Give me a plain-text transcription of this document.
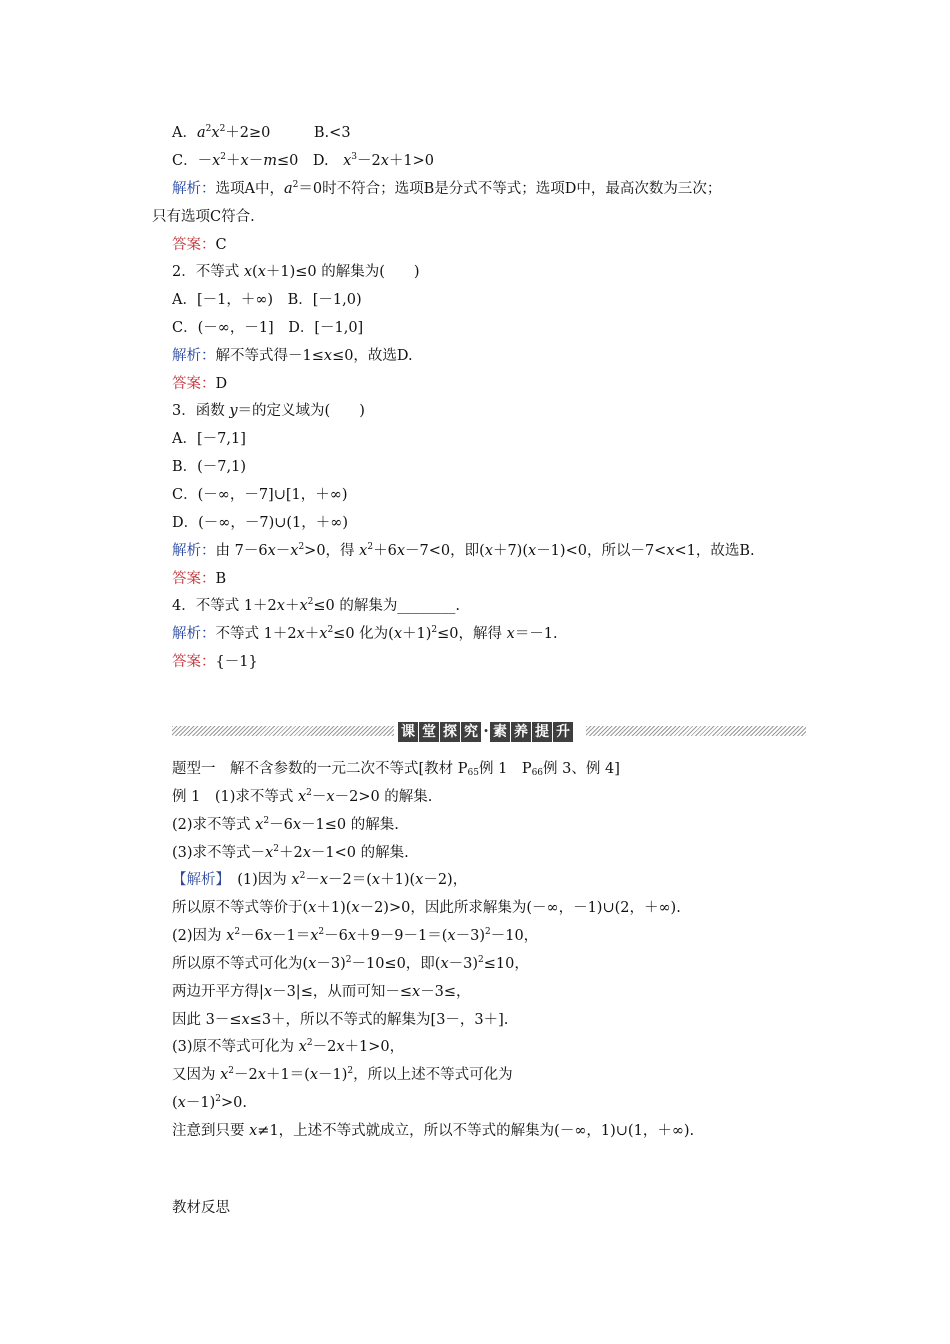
A．$a^2x^2+2\ge 0$　　　	B.<3
C．$-x^2+x-m\le 0$　 D.　 $x^3-2x+1>0$
解析：选项A中，$a^2=0$时不符合；选项B是分式不等式；选项D中，最高次数为三次；
只有选项C符合.
答案：C
2．不等式 x(x＋1)≤0 的解集为(　　)
A．[－1，＋∞)　B．[－1,0)
C．(－∞，－1]　D．[－1,0]
解析：解不等式得－1≤x≤0，故选D.
答案：D
3．函数 y＝的定义域为(　　)
A．[－7,1]
B．(－7,1)
C．(－∞，－7]∪[1，＋∞)
D．(－∞，－7)∪(1，＋∞)
解析：由 $7-6x-x^2>0$，得 $x^2+6x-7<0$，即(x＋7)(x－1)<0，所以－7<x<1，故选B.
答案：B
4．不等式 $1+2x+x^2\le 0$ 的解集为________.
解析：不等式 $1+2x+x^2\le 0$ 化为$(x+1)^2\le 0$，解得 x＝－1.
答案：{－1}
课 堂 探 究 · 素 养 提 升
题型一　解不含参数的一元二次不等式[教材 $P_{65}$例 1　$P_{66}$例 3、例 4]
例 1　(1)求不等式 $x^2-x-2>0$ 的解集.
(2)求不等式 $x^2-6x-1\le 0$ 的解集.
(3)求不等式$-x^2+2x-1<0$ 的解集.
【解析】　(1)因为 $x^2-x-2=(x+1)(x-2)$，
所以原不等式等价于(x＋1)(x－2)>0，因此所求解集为(－∞，－1)∪(2，＋∞).
(2)因为 $x^2-6x-1=x^2-6x+9-9-1=(x-3)^2-10$，
所以原不等式可化为$(x-3)^2-10\le 0$，即$(x-3)^2\le 10$，
两边开平方得|x－3|≤，从而可知－≤x－3≤，
因此 3－≤x≤3＋，所以不等式的解集为[3－，3＋].
(3)原不等式可化为 $x^2-2x+1>0$，
又因为 $x^2-2x+1=(x-1)^2$，所以上述不等式可化为
$(x-1)^2>0$.
注意到只要 x≠1，上述不等式就成立，所以不等式的解集为(－∞，1)∪(1，＋∞).
教材反思
